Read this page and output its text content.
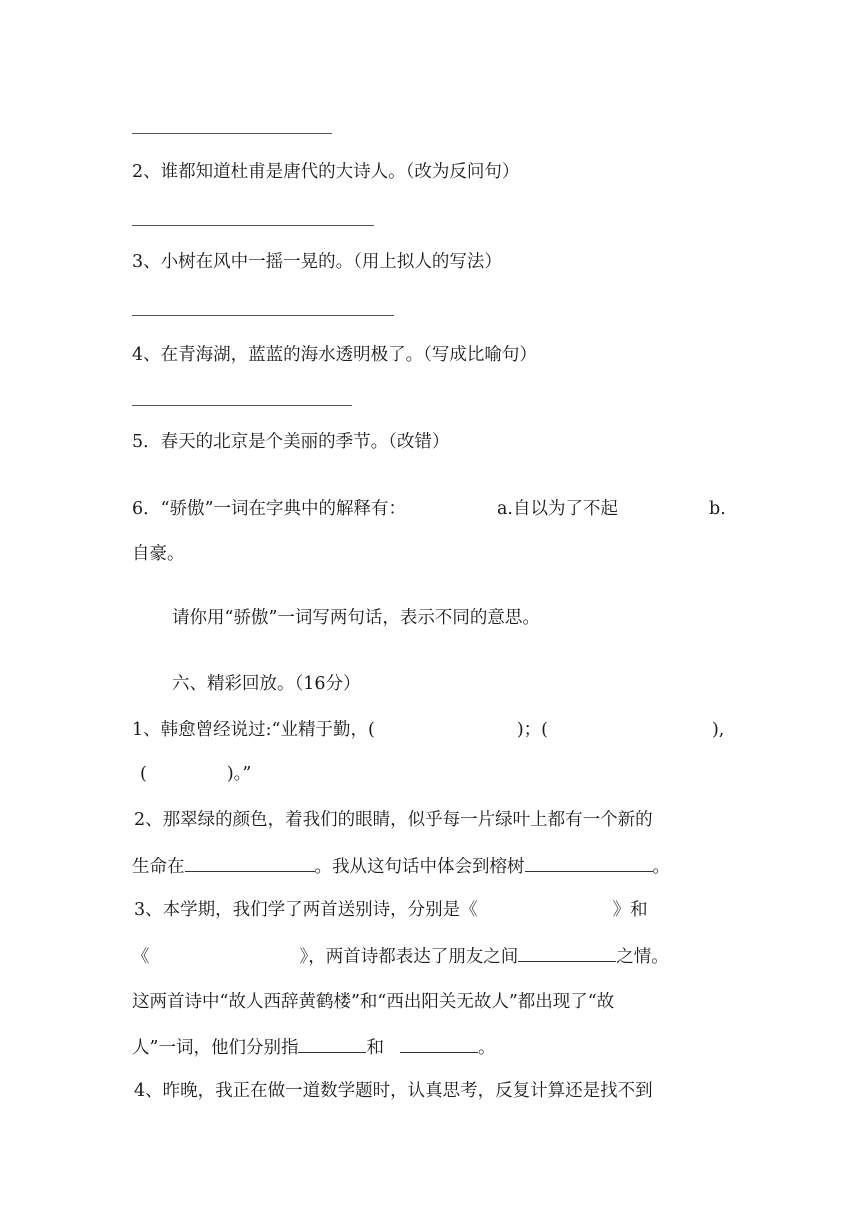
2、谁都知道杜甫是唐代的大诗人。（改为反问句）

3、小树在风中一摇一晃的。（用上拟人的写法）

4、在青海湖，蓝蓝的海水透明极了。（写成比喻句）

5．春天的北京是个美丽的季节。（改错）

6．“骄傲”一词在字典中的解释有：	a.自以为了不起	b.

自豪。

请你用“骄傲”一词写两句话，表示不同的意思。

六、精彩回放。（16分）

1、韩愈曾经说过:“业精于勤，(	)；(	),

(	)。”

2、那翠绿的颜色，着我们的眼睛，似乎每一片绿叶上都有一个新的

生命在	。我从这句话中体会到榕树	。

3、本学期，我们学了两首送别诗，分别是《	》和

《	》，两首诗都表达了朋友之间	之情。

这两首诗中“故人西辞黄鹤楼”和“西出阳关无故人”都出现了“故

人”一词，他们分别指	和	。

4、昨晚，我正在做一道数学题时，认真思考，反复计算还是找不到
